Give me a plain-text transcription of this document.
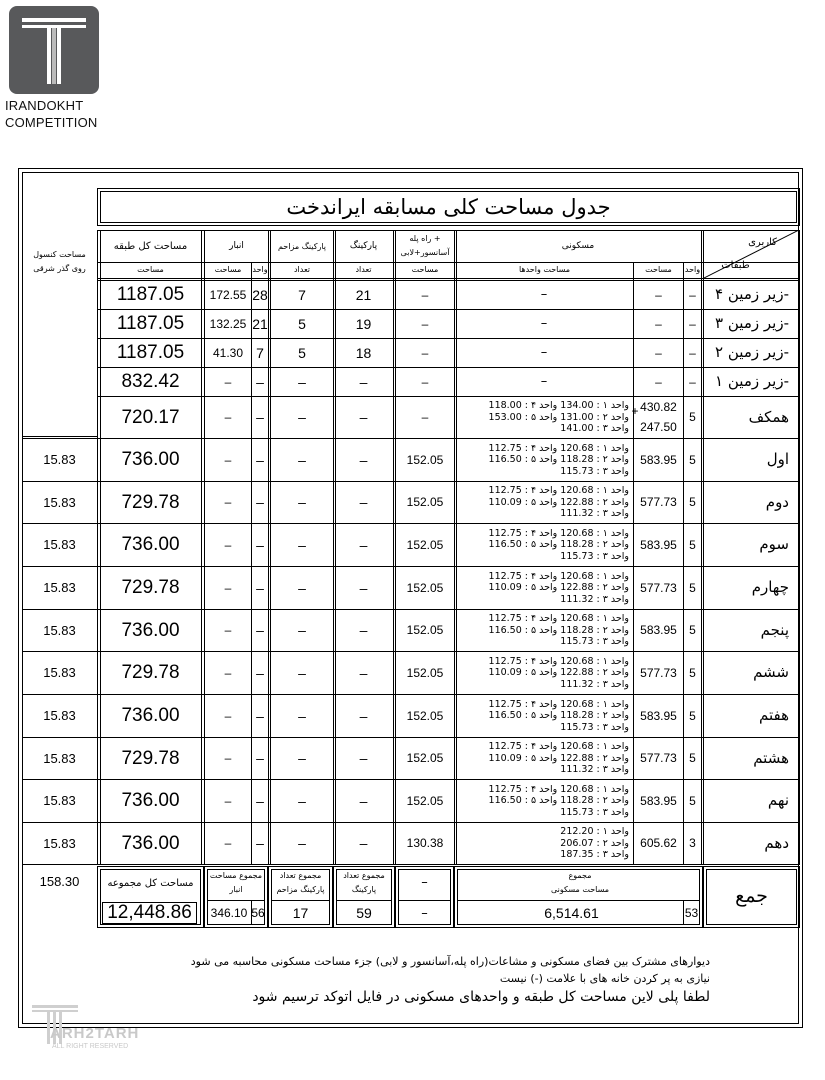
IRANDOKHT
COMPETITION
جدول مساحت کلی مسابقه ایراندخت
کاربری
طبقات
مسکونی
واحد
مساحت
مساحت واحدها
راه پله +
آسانسور+لابی
مساحت
پارکینگ
تعداد
پارکینگ مزاحم
تعداد
انبار
مساحت	واحد
مساحت کل طبقه
مساحت
مساحت کنسول
روی گذر شرقی
زیر زمین ۴-
–
–
–
–
21
7
28
172.55
1187.05
زیر زمین ۳-
–
–
–
–
19
5
21
132.25
1187.05
زیر زمین ۲-
–
–
–
–
18
5
7
41.30
1187.05
زیر زمین ۱-
–
–
–
–
–
–
–
–
832.42
همکف
5
430.82
247.50
+
واحد ۱ : 134.00 واحد ۴ : 118.00
واحد ۲ : 131.00 واحد ۵ : 153.00
واحد ۳ : 141.00
–
–
–
–
–
720.17
اول
5
583.95
واحد ۱ : 120.68 واحد ۴ : 112.75
واحد ۲ : 118.28 واحد ۵ : 116.50
واحد ۳ : 115.73
152.05
–
–
–
–
736.00
15.83
دوم
5
577.73
واحد ۱ : 120.68 واحد ۴ : 112.75
واحد ۲ : 122.88 واحد ۵ : 110.09
واحد ۳ : 111.32
152.05
–
–
–
–
729.78
15.83
سوم
5
583.95
واحد ۱ : 120.68 واحد ۴ : 112.75
واحد ۲ : 118.28 واحد ۵ : 116.50
واحد ۳ : 115.73
152.05
–
–
–
–
736.00
15.83
چهارم
5
577.73
واحد ۱ : 120.68 واحد ۴ : 112.75
واحد ۲ : 122.88 واحد ۵ : 110.09
واحد ۳ : 111.32
152.05
–
–
–
–
729.78
15.83
پنجم
5
583.95
واحد ۱ : 120.68 واحد ۴ : 112.75
واحد ۲ : 118.28 واحد ۵ : 116.50
واحد ۳ : 115.73
152.05
–
–
–
–
736.00
15.83
ششم
5
577.73
واحد ۱ : 120.68 واحد ۴ : 112.75
واحد ۲ : 122.88 واحد ۵ : 110.09
واحد ۳ : 111.32
152.05
–
–
–
–
729.78
15.83
هفتم
5
583.95
واحد ۱ : 120.68 واحد ۴ : 112.75
واحد ۲ : 118.28 واحد ۵ : 116.50
واحد ۳ : 115.73
152.05
–
–
–
–
736.00
15.83
هشتم
5
577.73
واحد ۱ : 120.68 واحد ۴ : 112.75
واحد ۲ : 122.88 واحد ۵ : 110.09
واحد ۳ : 111.32
152.05
–
–
–
–
729.78
15.83
نهم
5
583.95
واحد ۱ : 120.68 واحد ۴ : 112.75
واحد ۲ : 118.28 واحد ۵ : 116.50
واحد ۳ : 115.73
152.05
–
–
–
–
736.00
15.83
دهم
3
605.62
واحد ۱ : 212.20
واحد ۲ : 206.07
واحد ۳ : 187.35
130.38
–
–
–
–
736.00
15.83
جمع
مجموع
مساحت مسکونی
6,514.61	53
–
–
مجموع تعداد
پارکینگ
59
مجموع تعداد
پارکینگ مزاحم
17
مجموع مساحت
انبار
346.10 56
مساحت کل مجموعه
12,448.86
158.30
دیوارهای مشترک بین فضای مسکونی و مشاعات(راه پله،آسانسور و لابی) جزء مساحت مسکونی محاسبه می شود
نیازی به پر کردن خانه های با علامت (-) نیست
لطفا پلی لاین مساحت کل طبقه و واحدهای مسکونی در فایل اتوکد ترسیم شود
ARH2TARH
ALL RIGHT RESERVED
